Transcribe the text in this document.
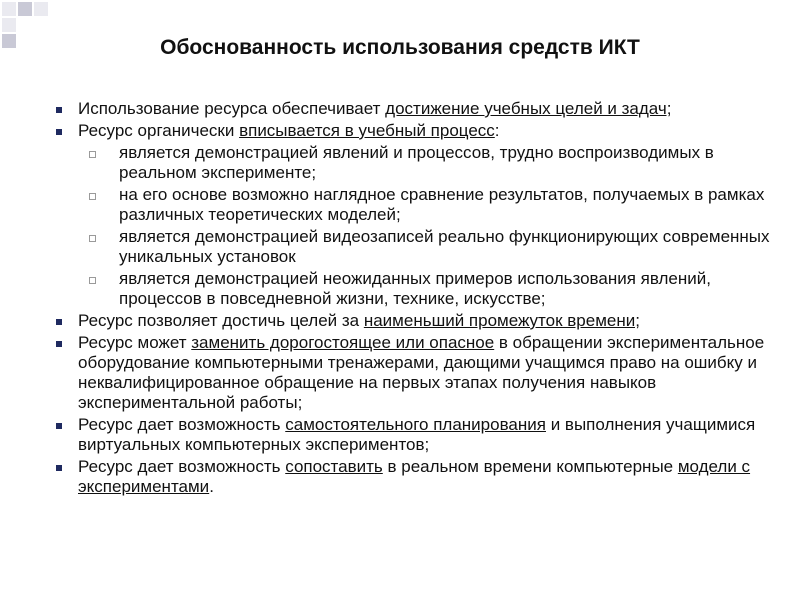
Обоснованность использования средств ИКТ
Использование ресурса обеспечивает достижение учебных целей и задач;
Ресурс органически вписывается в учебный процесс:
является демонстрацией явлений и процессов, трудно воспроизводимых в реальном эксперименте;
на его основе возможно наглядное сравнение результатов, получаемых в рамках различных теоретических моделей;
является демонстрацией видеозаписей реально функционирующих современных уникальных установок
является демонстрацией неожиданных примеров использования явлений, процессов в повседневной жизни, технике, искусстве;
Ресурс позволяет достичь целей за наименьший промежуток времени;
Ресурс может заменить дорогостоящее или опасное в обращении экспериментальное оборудование компьютерными тренажерами, дающими учащимся право на ошибку и неквалифицированное обращение на первых этапах получения навыков экспериментальной работы;
Ресурс дает возможность самостоятельного планирования и выполнения учащимися виртуальных компьютерных экспериментов;
Ресурс дает возможность сопоставить в реальном времени компьютерные модели с экспериментами.
